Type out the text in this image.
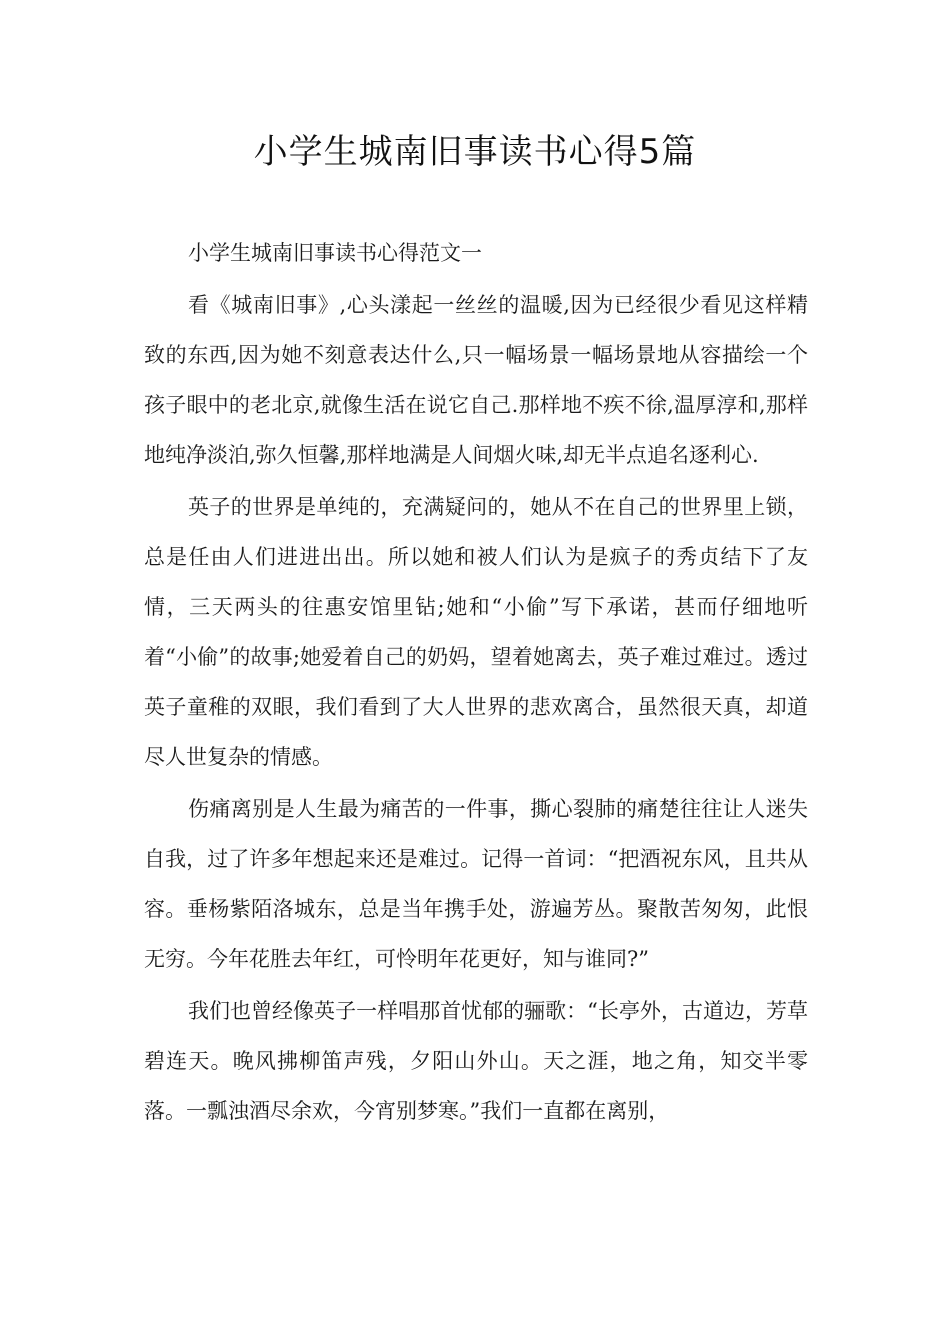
小学生城南旧事读书心得5篇

小学生城南旧事读书心得范文一

看《城南旧事》,心头漾起一丝丝的温暖,因为已经很少看见这样精致的东西,因为她不刻意表达什么,只一幅场景一幅场景地从容描绘一个孩子眼中的老北京,就像生活在说它自己.那样地不疾不徐,温厚淳和,那样地纯净淡泊,弥久恒馨,那样地满是人间烟火味,却无半点追名逐利心.

英子的世界是单纯的，充满疑问的，她从不在自己的世界里上锁，总是任由人们进进出出。所以她和被人们认为是疯子的秀贞结下了友情，三天两头的往惠安馆里钻;她和“小偷”写下承诺，甚而仔细地听着“小偷”的故事;她爱着自己的奶妈，望着她离去，英子难过难过。透过英子童稚的双眼，我们看到了大人世界的悲欢离合，虽然很天真，却道尽人世复杂的情感。

伤痛离别是人生最为痛苦的一件事，撕心裂肺的痛楚往往让人迷失自我，过了许多年想起来还是难过。记得一首词：“把酒祝东风，且共从容。垂杨紫陌洛城东，总是当年携手处，游遍芳丛。聚散苦匆匆，此恨无穷。今年花胜去年红，可怜明年花更好，知与谁同?”

我们也曾经像英子一样唱那首忧郁的骊歌：“长亭外，古道边，芳草碧连天。晚风拂柳笛声残，夕阳山外山。天之涯，地之角，知交半零落。一瓢浊酒尽余欢，今宵别梦寒。”我们一直都在离别，
